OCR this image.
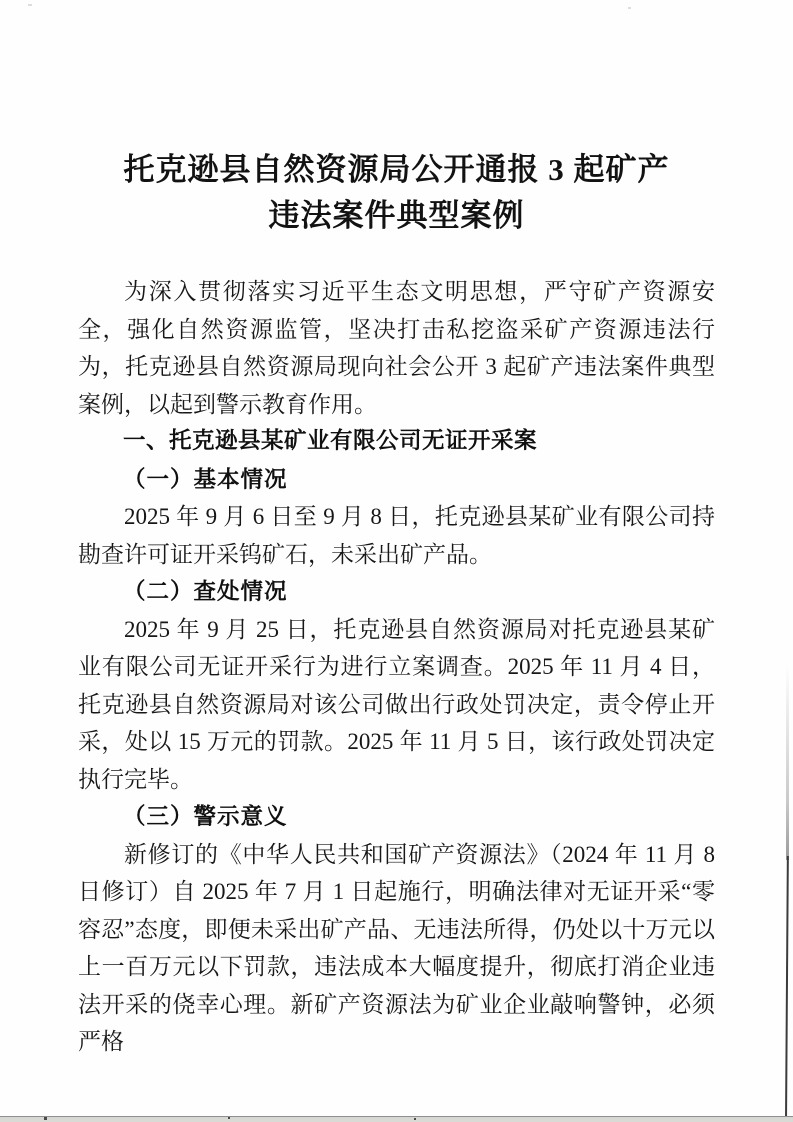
托克逊县自然资源局公开通报 3 起矿产
违法案件典型案例

为深入贯彻落实习近平生态文明思想，严守矿产资源安全，强化自然资源监管，坚决打击私挖盗采矿产资源违法行为，托克逊县自然资源局现向社会公开 3 起矿产违法案件典型案例，以起到警示教育作用。

一、托克逊县某矿业有限公司无证开采案

（一）基本情况

2025 年 9 月 6 日至 9 月 8 日，托克逊县某矿业有限公司持勘查许可证开采钨矿石，未采出矿产品。

（二）查处情况

2025 年 9 月 25 日，托克逊县自然资源局对托克逊县某矿业有限公司无证开采行为进行立案调查。2025 年 11 月 4 日，托克逊县自然资源局对该公司做出行政处罚决定，责令停止开采，处以 15 万元的罚款。2025 年 11 月 5 日，该行政处罚决定执行完毕。

（三）警示意义

新修订的《中华人民共和国矿产资源法》（2024 年 11 月 8 日修订）自 2025 年 7 月 1 日起施行，明确法律对无证开采“零容忍”态度，即便未采出矿产品、无违法所得，仍处以十万元以上一百万元以下罚款，违法成本大幅度提升，彻底打消企业违法开采的侥幸心理。新矿产资源法为矿业企业敲响警钟，必须严格
